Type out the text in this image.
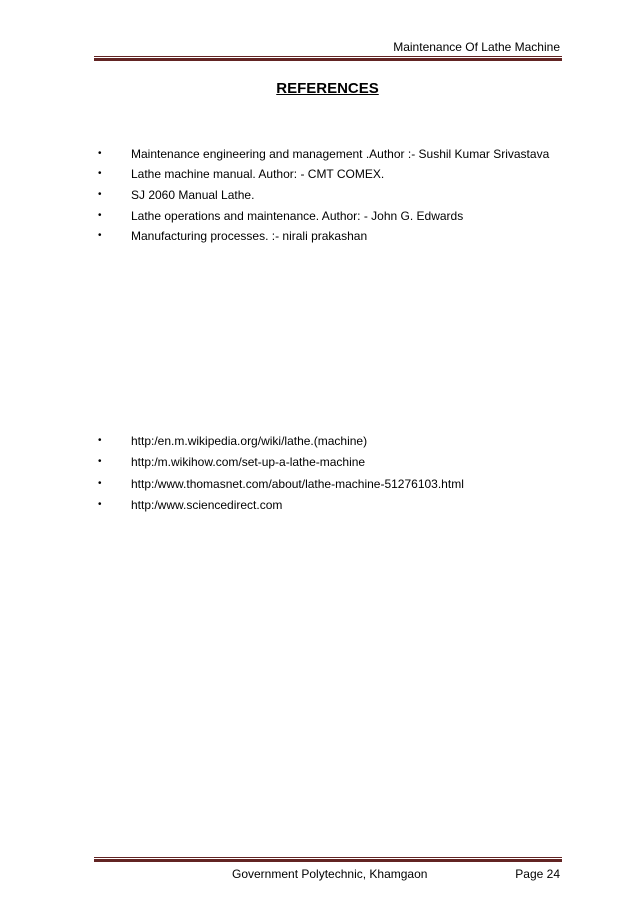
Maintenance Of Lathe Machine
REFERENCES
• Maintenance engineering and management .Author :- Sushil Kumar Srivastava
• Lathe machine manual. Author: - CMT COMEX.
• SJ 2060 Manual Lathe.
• Lathe operations and maintenance. Author: - John G. Edwards
• Manufacturing processes. :- nirali prakashan
• http:/en.m.wikipedia.org/wiki/lathe.(machine)
• http:/m.wikihow.com/set-up-a-lathe-machine
• http:/www.thomasnet.com/about/lathe-machine-51276103.html
• http:/www.sciencedirect.com
Government Polytechnic, Khamgaon	Page 24
